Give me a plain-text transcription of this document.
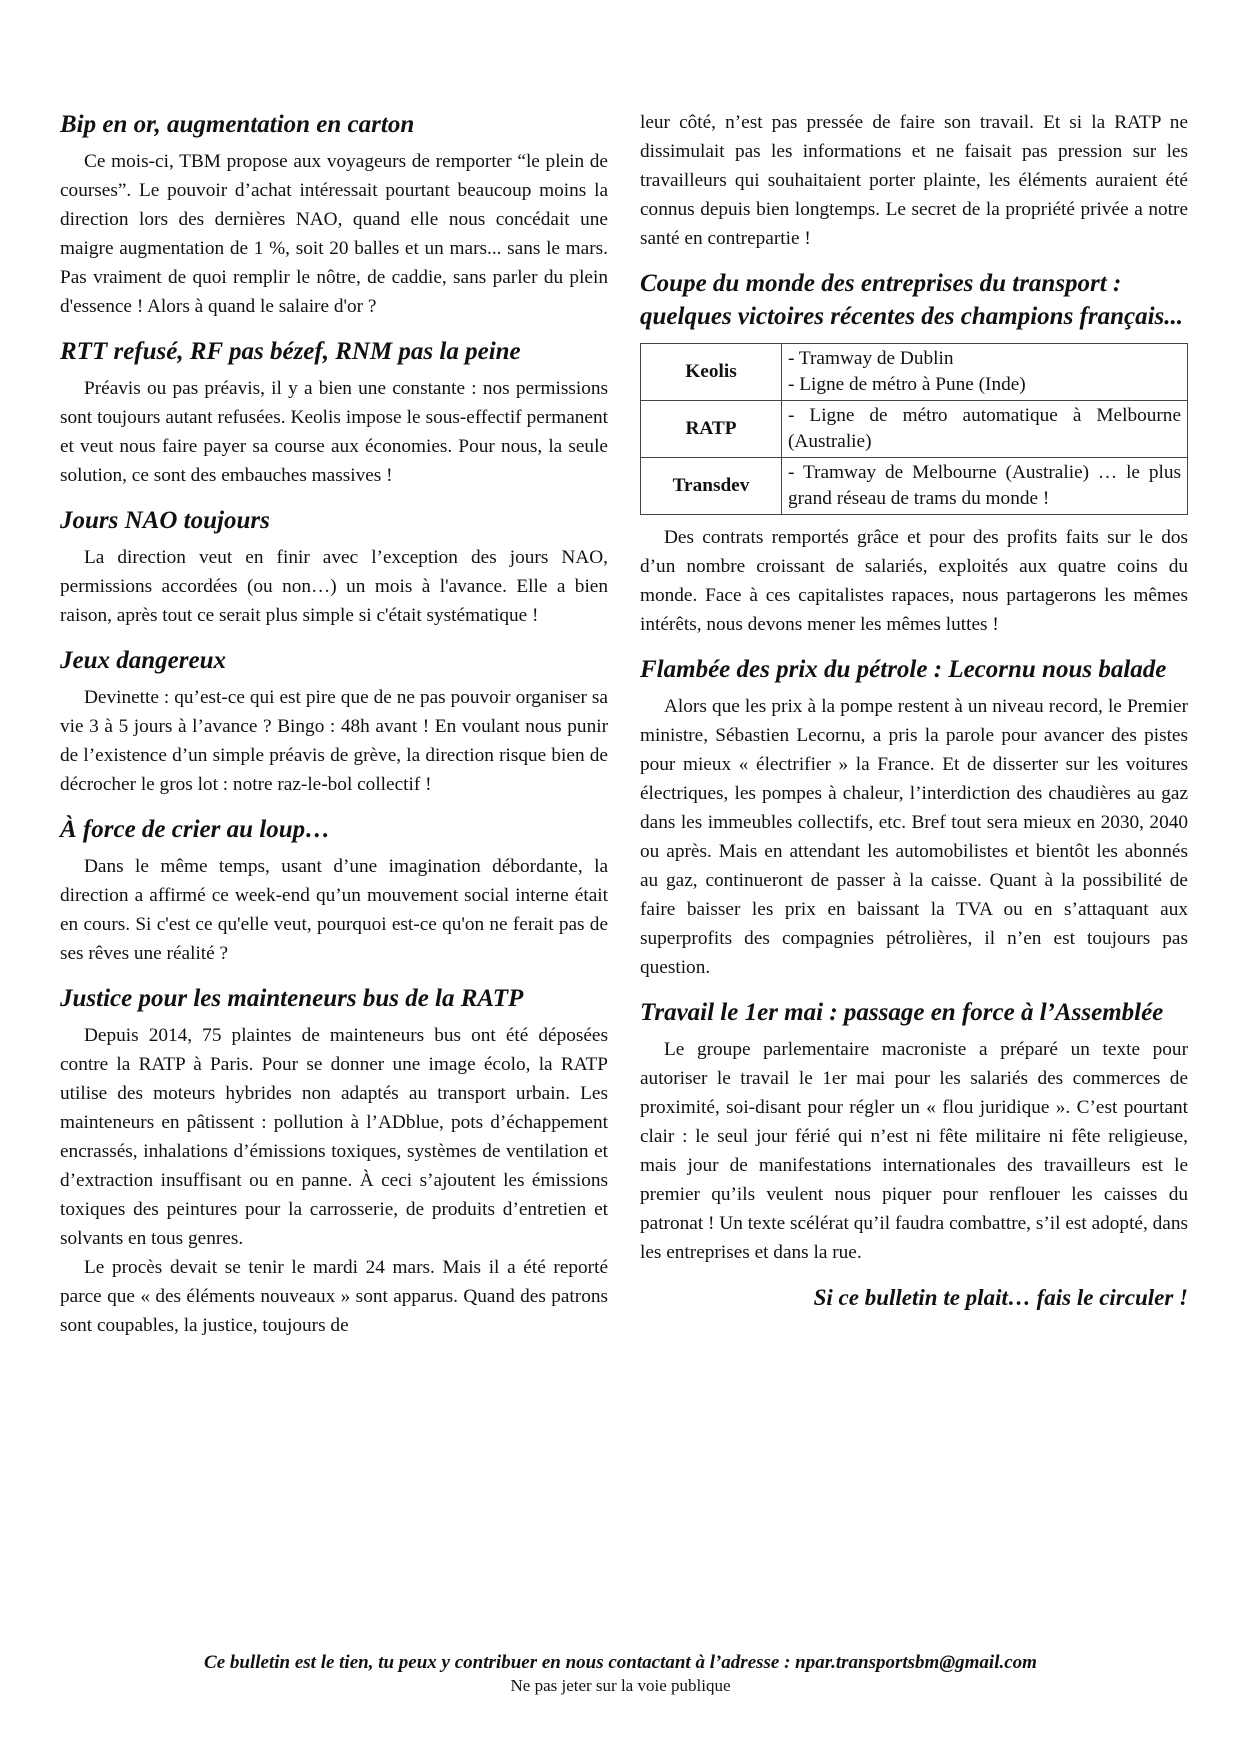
Bip en or, augmentation en carton

Ce mois-ci, TBM propose aux voyageurs de remporter “le plein de courses”. Le pouvoir d’achat intéressait pourtant beaucoup moins la direction lors des dernières NAO, quand elle nous concédait une maigre augmentation de 1 %, soit 20 balles et un mars... sans le mars. Pas vraiment de quoi remplir le nôtre, de caddie, sans parler du plein d'essence ! Alors à quand le salaire d'or ?

RTT refusé, RF pas bézef, RNM pas la peine

Préavis ou pas préavis, il y a bien une constante : nos permissions sont toujours autant refusées. Keolis impose le sous-effectif permanent et veut nous faire payer sa course aux économies. Pour nous, la seule solution, ce sont des embauches massives !

Jours NAO toujours

La direction veut en finir avec l’exception des jours NAO, permissions accordées (ou non…) un mois à l'avance. Elle a bien raison, après tout ce serait plus simple si c'était systématique !

Jeux dangereux

Devinette : qu’est-ce qui est pire que de ne pas pouvoir organiser sa vie 3 à 5 jours à l’avance ? Bingo : 48h avant ! En voulant nous punir de l’existence d’un simple préavis de grève, la direction risque bien de décrocher le gros lot : notre raz-le-bol collectif !

À force de crier au loup…

Dans le même temps, usant d’une imagination débordante, la direction a affirmé ce week-end qu’un mouvement social interne était en cours. Si c'est ce qu'elle veut, pourquoi est-ce qu'on ne ferait pas de ses rêves une réalité ?

Justice pour les mainteneurs bus de la RATP

Depuis 2014, 75 plaintes de mainteneurs bus ont été déposées contre la RATP à Paris. Pour se donner une image écolo, la RATP utilise des moteurs hybrides non adaptés au transport urbain. Les mainteneurs en pâtissent : pollution à l’ADblue, pots d’échappement encrassés, inhalations d’émissions toxiques, systèmes de ventilation et d’extraction insuffisant ou en panne. À ceci s’ajoutent les émissions toxiques des peintures pour la carrosserie, de produits d’entretien et solvants en tous genres.

Le procès devait se tenir le mardi 24 mars. Mais il a été reporté parce que « des éléments nouveaux » sont apparus. Quand des patrons sont coupables, la justice, toujours de

leur côté, n’est pas pressée de faire son travail. Et si la RATP ne dissimulait pas les informations et ne faisait pas pression sur les travailleurs qui souhaitaient porter plainte, les éléments auraient été connus depuis bien longtemps. Le secret de la propriété privée a notre santé en contrepartie !

Coupe du monde des entreprises du transport : quelques victoires récentes des champions français...
Keolis	- Tramway de Dublin
- Ligne de métro à Pune (Inde)

RATP	- Ligne de métro automatique à Melbourne (Australie)

Transdev	- Tramway de Melbourne (Australie) … le plus grand réseau de trams du monde !

Des contrats remportés grâce et pour des profits faits sur le dos d’un nombre croissant de salariés, exploités aux quatre coins du monde. Face à ces capitalistes rapaces, nous partagerons les mêmes intérêts, nous devons mener les mêmes luttes !

Flambée des prix du pétrole : Lecornu nous balade

Alors que les prix à la pompe restent à un niveau record, le Premier ministre, Sébastien Lecornu, a pris la parole pour avancer des pistes pour mieux « électrifier » la France. Et de disserter sur les voitures électriques, les pompes à chaleur, l’interdiction des chaudières au gaz dans les immeubles collectifs, etc. Bref tout sera mieux en 2030, 2040 ou après. Mais en attendant les automobilistes et bientôt les abonnés au gaz, continueront de passer à la caisse. Quant à la possibilité de faire baisser les prix en baissant la TVA ou en s’attaquant aux superprofits des compagnies pétrolières, il n’en est toujours pas question.

Travail le 1er mai : passage en force à l’Assemblée

Le groupe parlementaire macroniste a préparé un texte pour autoriser le travail le 1er mai pour les salariés des commerces de proximité, soi-disant pour régler un « flou juridique ». C’est pourtant clair : le seul jour férié qui n’est ni fête militaire ni fête religieuse, mais jour de manifestations internationales des travailleurs est le premier qu’ils veulent nous piquer pour renflouer les caisses du patronat ! Un texte scélérat qu’il faudra combattre, s’il est adopté, dans les entreprises et dans la rue.

Si ce bulletin te plait… fais le circuler !
Ce bulletin est le tien, tu peux y contribuer en nous contactant à l’adresse : npar.transportsbm@gmail.com
Ne pas jeter sur la voie publique
